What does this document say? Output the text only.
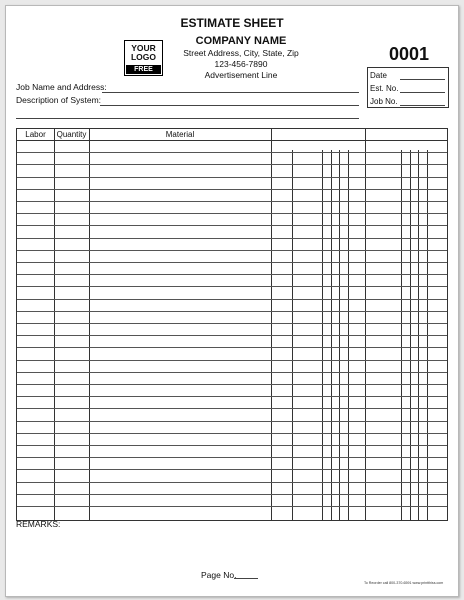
ESTIMATE SHEET
YOUR
LOGO
FREE
COMPANY NAME
Street Address, City, State, Zip
123-456-7890
Advertisement Line
0001
Date
Est. No.
Job No.
Job Name and Address:
Description of System:
Labor	Quantity	Material
REMARKS:
Page No.
To Reorder call 800-370-6591 www.printthiss.com
